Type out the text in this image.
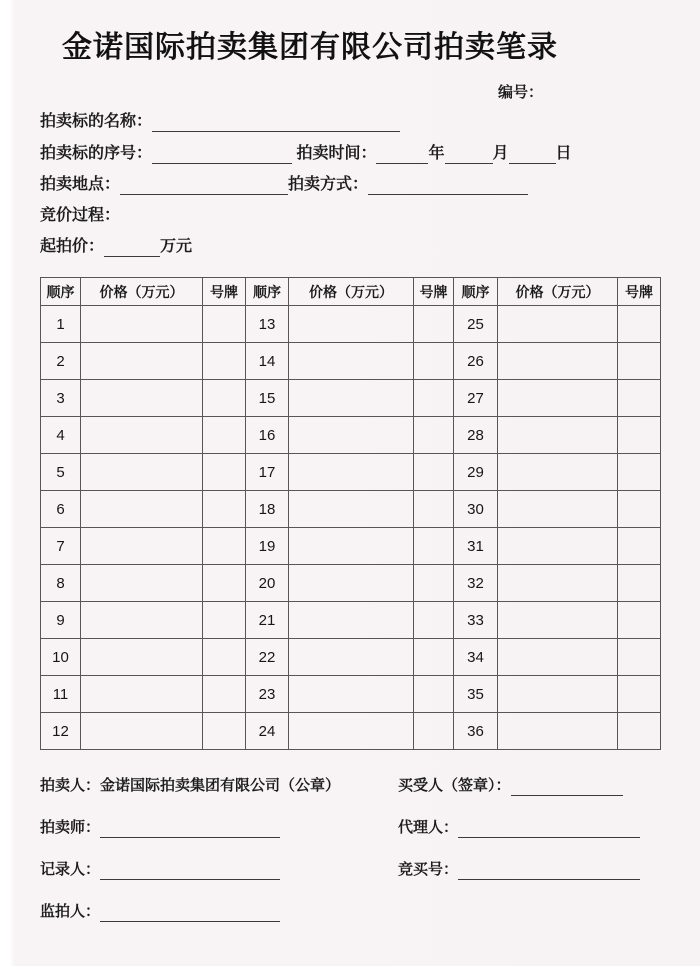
金诺国际拍卖集团有限公司拍卖笔录
编号：
拍卖标的名称：
拍卖标的序号：	拍卖时间：	年	月	日
拍卖地点：	拍卖方式：
竞价过程：
起拍价：	万元
顺序	价格（万元）	号牌	顺序	价格（万元）	号牌	顺序	价格（万元）	号牌
1			13			25		
2			14			26		
3			15			27		
4			16			28		
5			17			29		
6			18			30		
7			19			31		
8			20			32		
9			21			33		
10			22			34		
11			23			35		
12			24			36		
拍卖人：金诺国际拍卖集团有限公司（公章）	买受人（签章）：
拍卖师：	代理人：
记录人：	竞买号：
监拍人：
